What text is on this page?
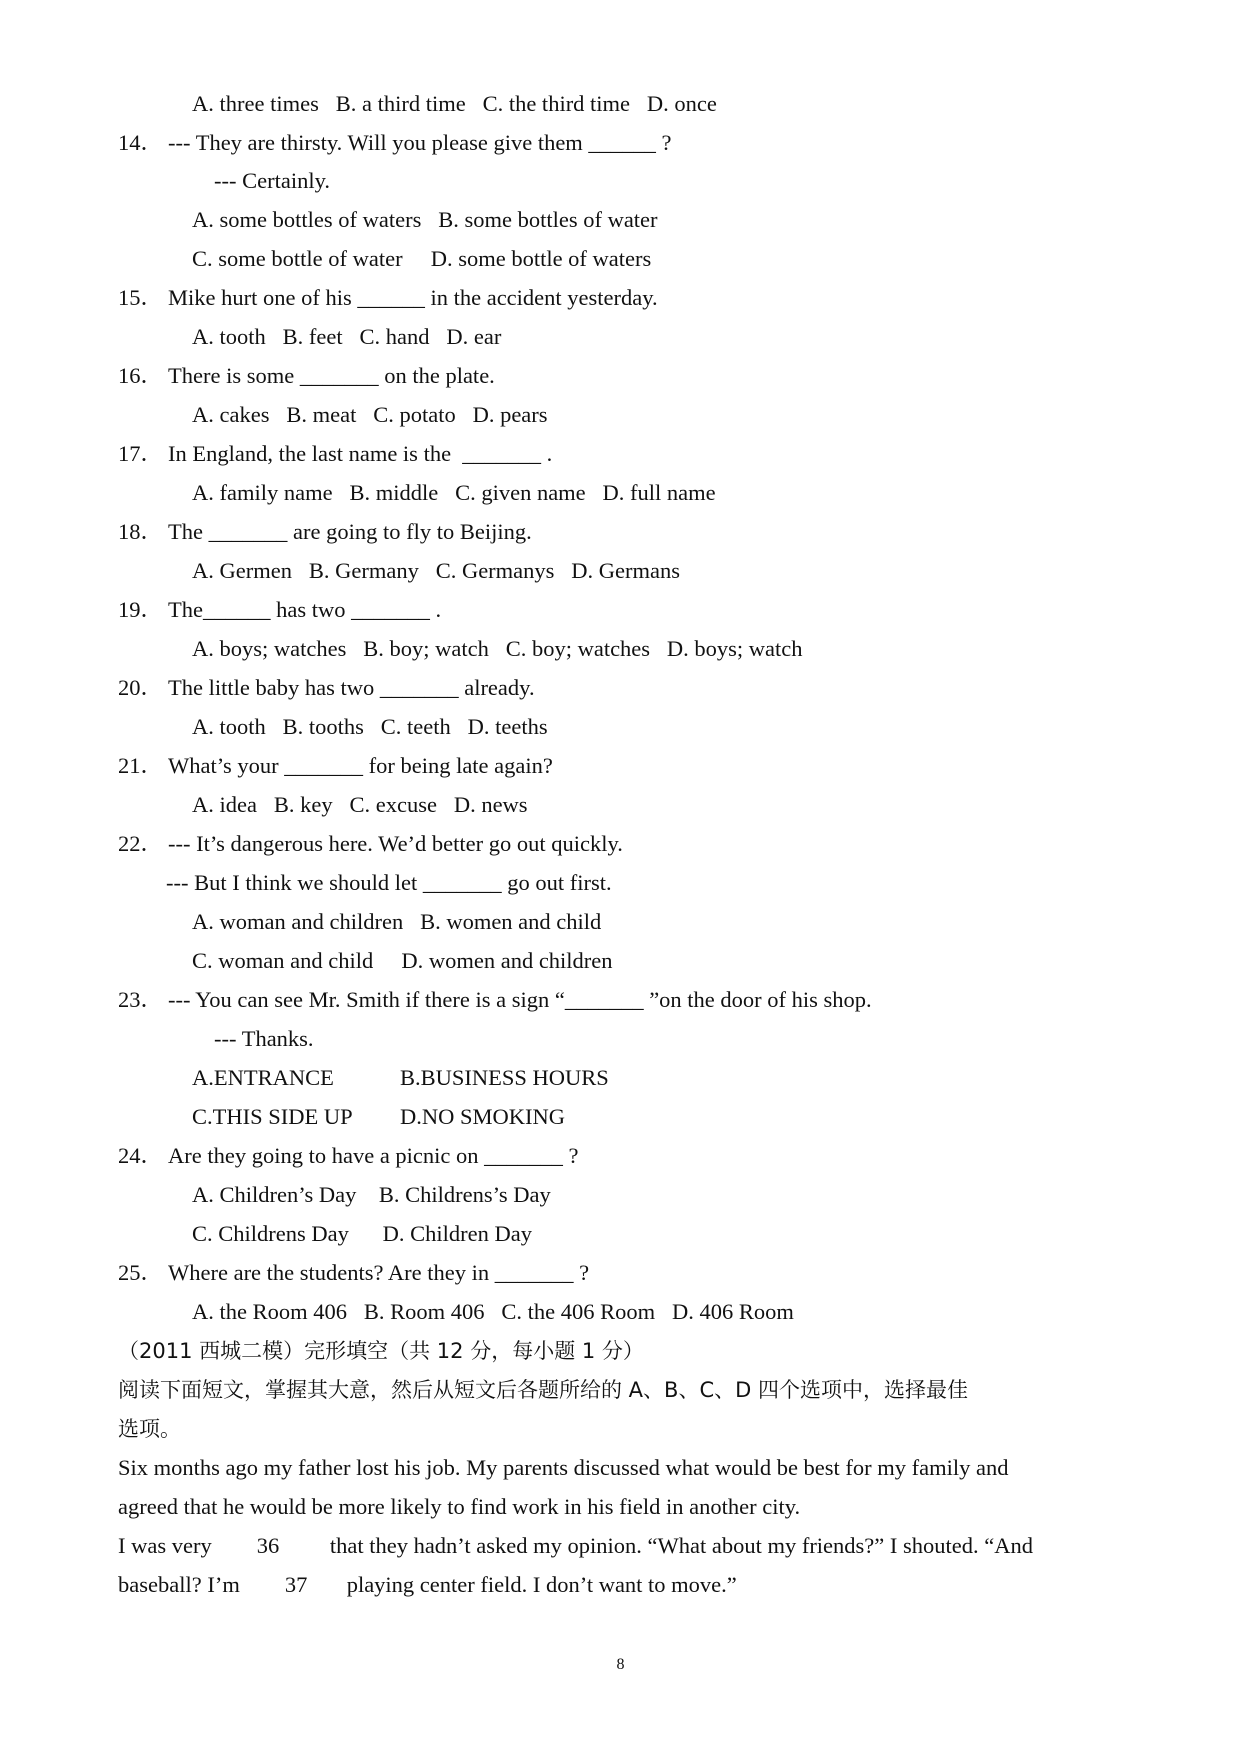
A. three times   B. a third time   C. the third time   D. once
14． --- They are thirsty. Will you please give them ______ ?
--- Certainly.
A. some bottles of waters   B. some bottles of water
C. some bottle of water     D. some bottle of waters
15． Mike hurt one of his ______ in the accident yesterday.
A. tooth   B. feet   C. hand   D. ear
16． There is some _______ on the plate.
A. cakes   B. meat   C. potato   D. pears
17． In England, the last name is the  _______ .
A. family name   B. middle   C. given name   D. full name
18． The _______ are going to fly to Beijing.
A. Germen   B. Germany   C. Germanys   D. Germans
19． The______ has two _______ .
A. boys; watches   B. boy; watch   C. boy; watches   D. boys; watch
20． The little baby has two _______ already.
A. tooth   B. tooths   C. teeth   D. teeths
21． What’s your _______ for being late again?
A. idea   B. key   C. excuse   D. news
22． --- It’s dangerous here. We’d better go out quickly.
--- But I think we should let _______ go out first.
A. woman and children   B. women and child
C. woman and child     D. women and children
23． --- You can see Mr. Smith if there is a sign “_______ ”on the door of his shop.
--- Thanks.
A.ENTRANCE	B.BUSINESS HOURS
C.THIS SIDE UP D.NO SMOKING
24． Are they going to have a picnic on _______ ?
A. Children’s Day    B. Childrens’s Day
C. Childrens Day      D. Children Day
25． Where are the students? Are they in _______ ?
A. the Room 406   B. Room 406   C. the 406 Room   D. 406 Room
（2011 西城二模）完形填空（共 12 分，每小题 1 分）
阅读下面短文，掌握其大意，然后从短文后各题所给的 A、B、C、D 四个选项中，选择最佳
选项。
Six months ago my father lost his job. My parents discussed what would be best for my family and
agreed that he would be more likely to find work in his field in another city.
I was very        36         that they hadn’t asked my opinion. “What about my friends?” I shouted. “And
baseball? I’m        37       playing center field. I don’t want to move.”
8
